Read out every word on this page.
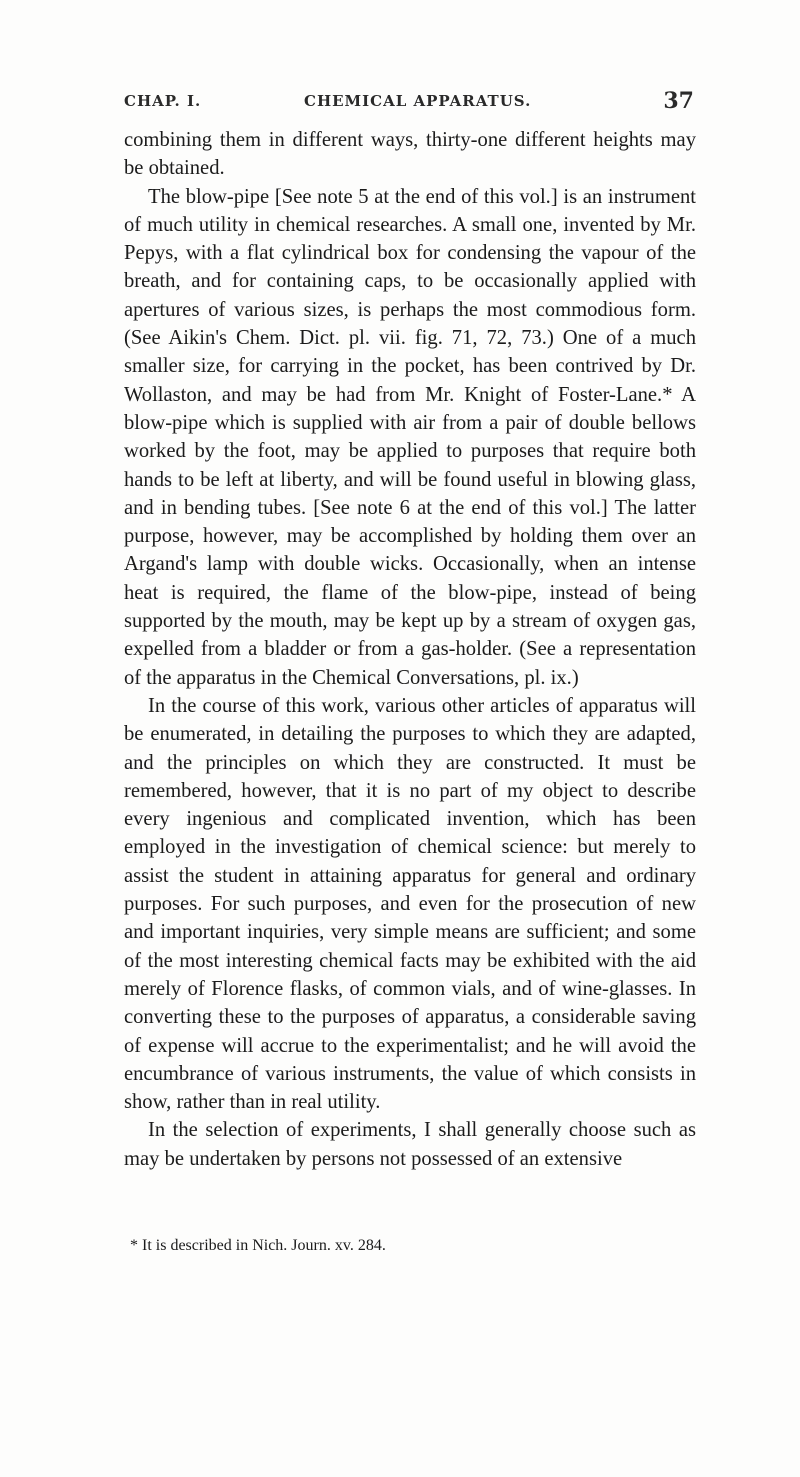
CHAP. I.	CHEMICAL APPARATUS.	37

combining them in different ways, thirty-one different heights may be obtained.

The blow-pipe [See note 5 at the end of this vol.] is an instrument of much utility in chemical researches. A small one, invented by Mr. Pepys, with a flat cylindrical box for condensing the vapour of the breath, and for containing caps, to be occasionally applied with apertures of various sizes, is perhaps the most commodious form. (See Aikin's Chem. Dict. pl. vii. fig. 71, 72, 73.) One of a much smaller size, for carrying in the pocket, has been contrived by Dr. Wollaston, and may be had from Mr. Knight of Foster-Lane.* A blow-pipe which is supplied with air from a pair of double bellows worked by the foot, may be applied to purposes that require both hands to be left at liberty, and will be found useful in blowing glass, and in bending tubes. [See note 6 at the end of this vol.] The latter purpose, however, may be accomplished by holding them over an Argand's lamp with double wicks. Occasionally, when an intense heat is required, the flame of the blow-pipe, instead of being supported by the mouth, may be kept up by a stream of oxygen gas, expelled from a bladder or from a gas-holder. (See a representation of the apparatus in the Chemical Conversations, pl. ix.)

In the course of this work, various other articles of apparatus will be enumerated, in detailing the purposes to which they are adapted, and the principles on which they are constructed. It must be remembered, however, that it is no part of my object to describe every ingenious and complicated invention, which has been employed in the investigation of chemical science: but merely to assist the student in attaining apparatus for general and ordinary purposes. For such purposes, and even for the prosecution of new and important inquiries, very simple means are sufficient; and some of the most interesting chemical facts may be exhibited with the aid merely of Florence flasks, of common vials, and of wine-glasses. In converting these to the purposes of apparatus, a considerable saving of expense will accrue to the experimentalist; and he will avoid the encumbrance of various instruments, the value of which consists in show, rather than in real utility.

In the selection of experiments, I shall generally choose such as may be undertaken by persons not possessed of an extensive

* It is described in Nich. Journ. xv. 284.
